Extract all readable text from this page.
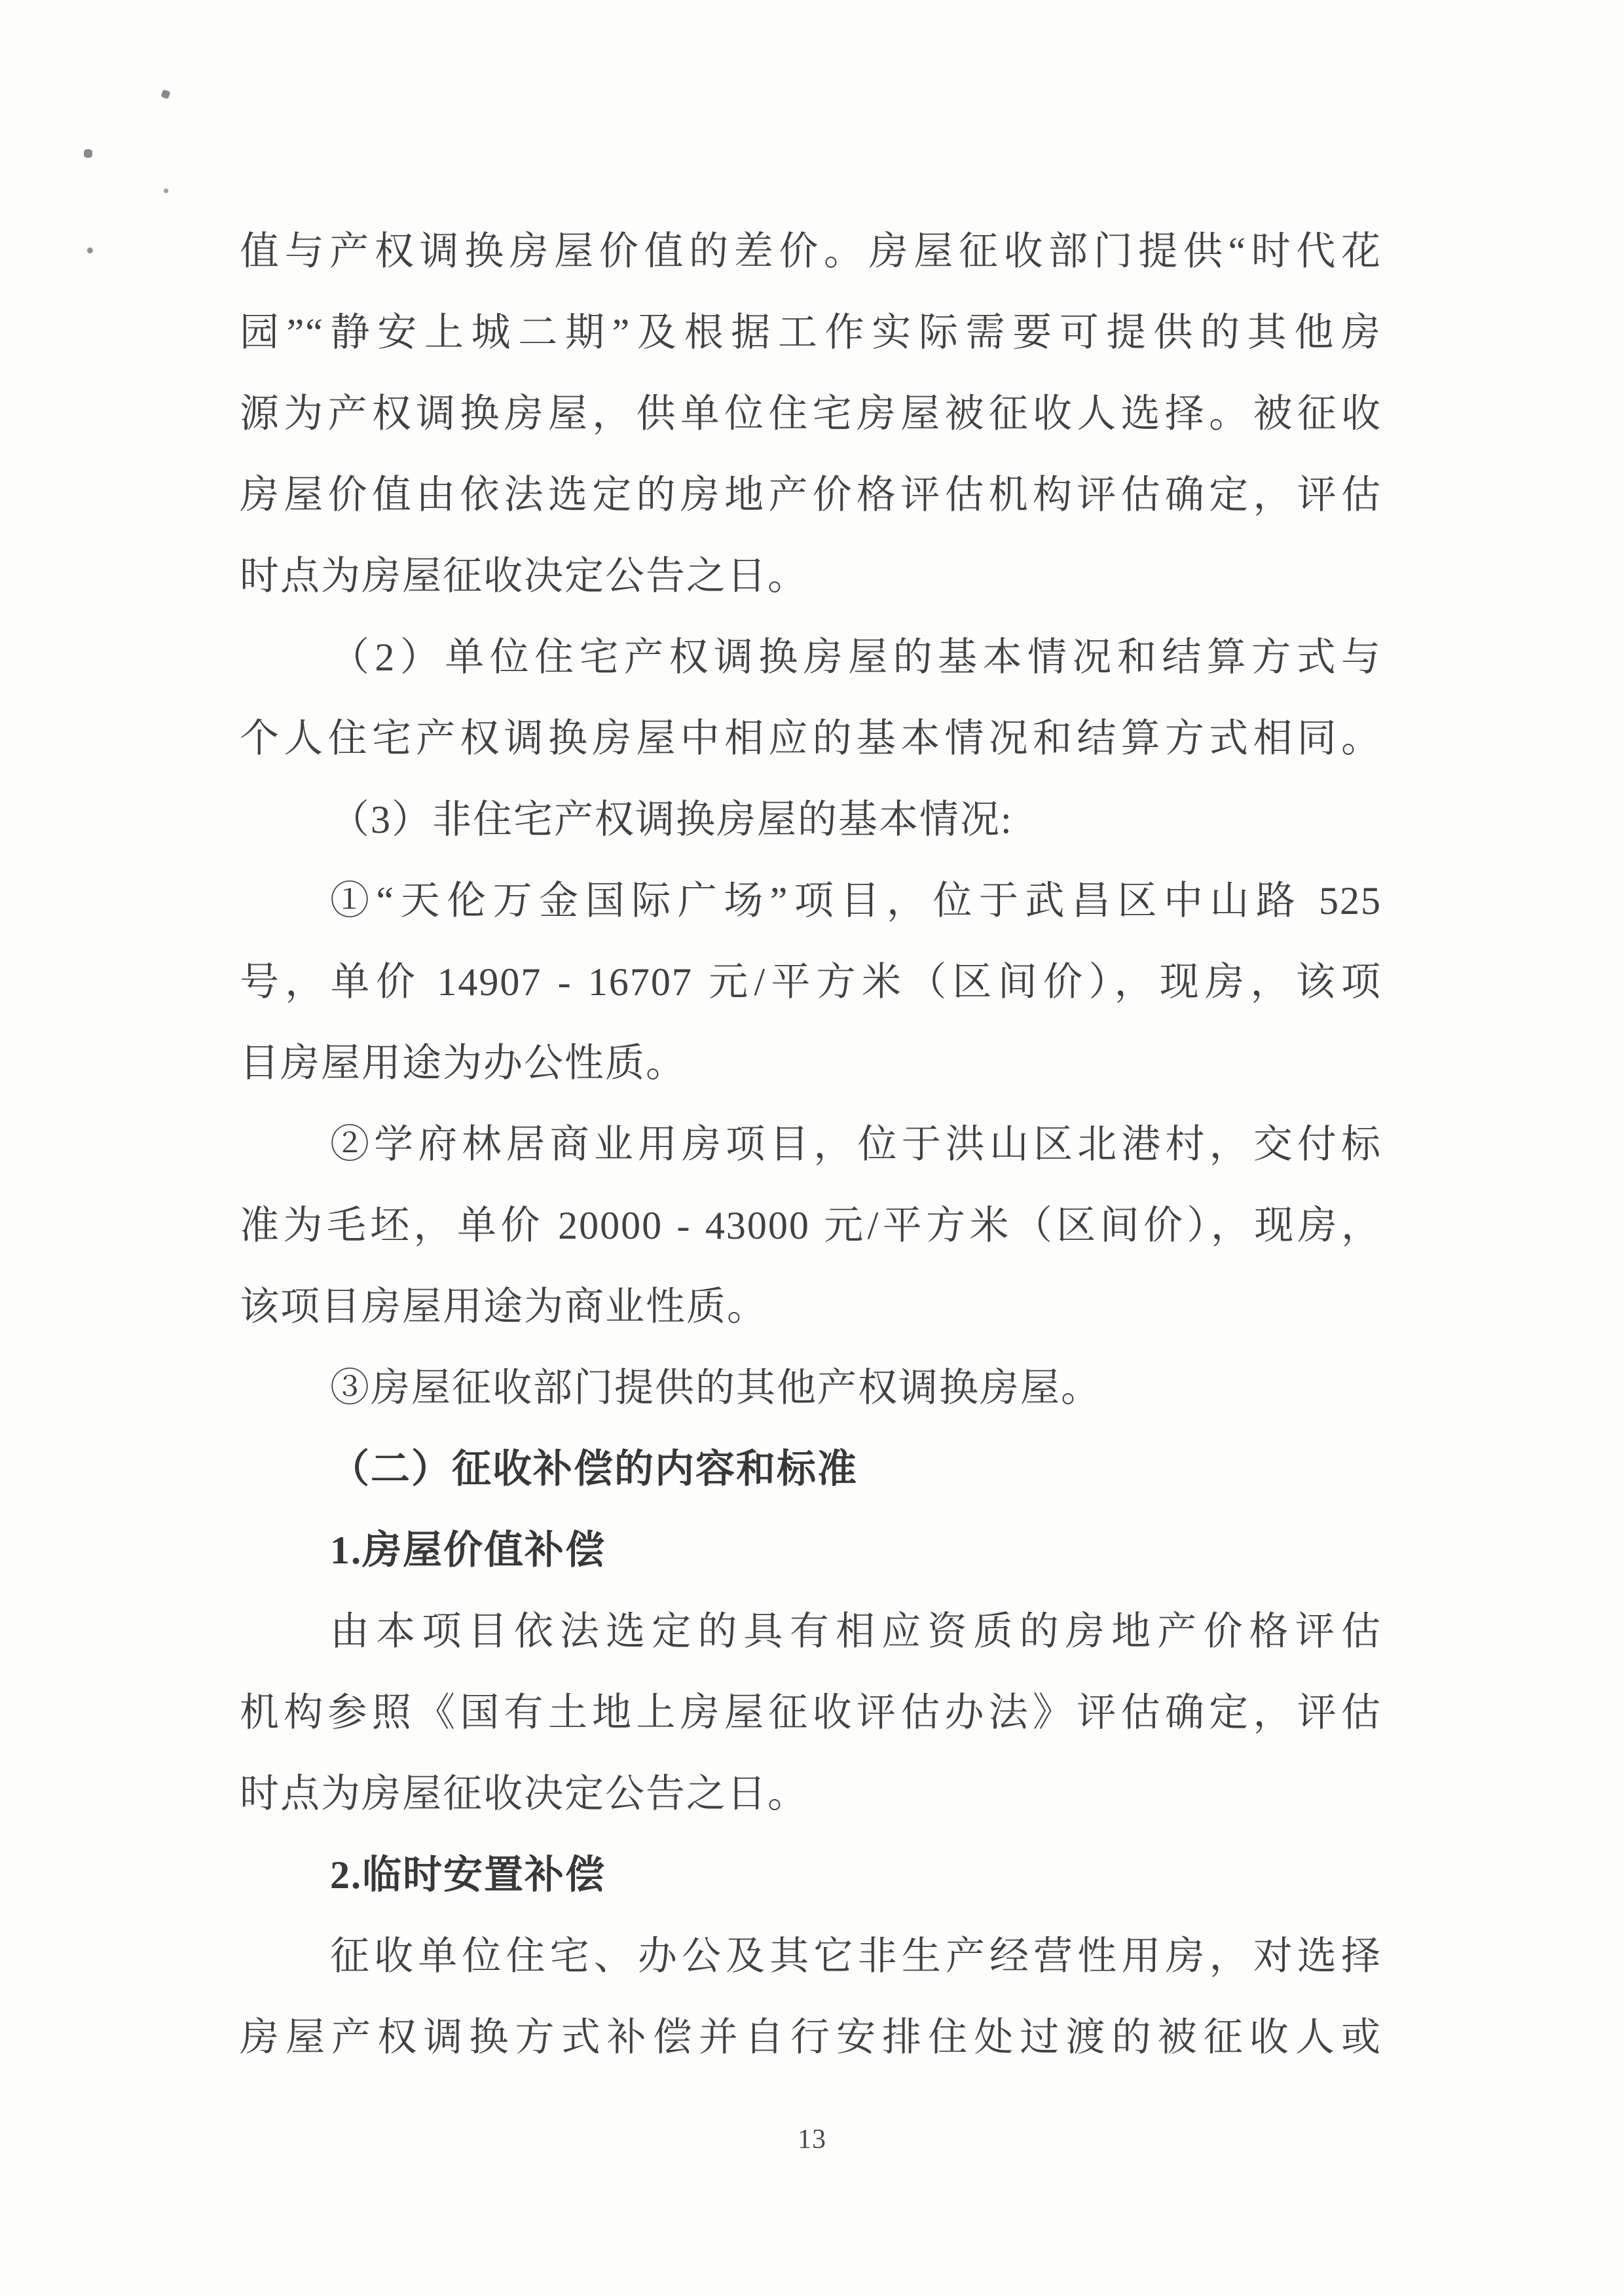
值与产权调换房屋价值的差价。房屋征收部门提供“时代花
园”“静安上城二期”及根据工作实际需要可提供的其他房
源为产权调换房屋，供单位住宅房屋被征收人选择。被征收
房屋价值由依法选定的房地产价格评估机构评估确定，评估
时点为房屋征收决定公告之日。
（2）单位住宅产权调换房屋的基本情况和结算方式与
个人住宅产权调换房屋中相应的基本情况和结算方式相同。
（3）非住宅产权调换房屋的基本情况:
①“天伦万金国际广场”项目，位于武昌区中山路 525
号，单价 14907 - 16707 元/平方米（区间价），现房，该项
目房屋用途为办公性质。
②学府林居商业用房项目，位于洪山区北港村，交付标
准为毛坯，单价 20000 - 43000 元/平方米（区间价），现房，
该项目房屋用途为商业性质。
③房屋征收部门提供的其他产权调换房屋。
（二）征收补偿的内容和标准
1.房屋价值补偿
由本项目依法选定的具有相应资质的房地产价格评估
机构参照《国有土地上房屋征收评估办法》评估确定，评估
时点为房屋征收决定公告之日。
2.临时安置补偿
征收单位住宅、办公及其它非生产经营性用房，对选择
房屋产权调换方式补偿并自行安排住处过渡的被征收人或
13
